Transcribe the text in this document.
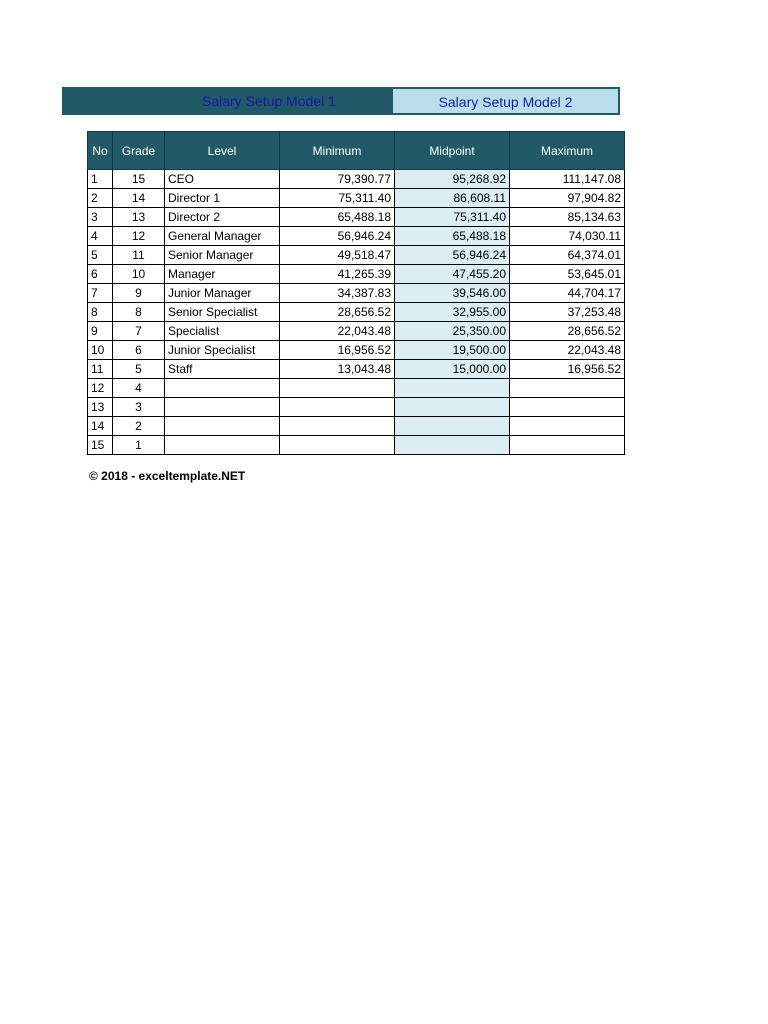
Salary Setup Model 1	Salary Setup Model 2
No	Grade	Level	Minimum	Midpoint	Maximum
1	15	CEO	79,390.77	95,268.92	111,147.08
2	14	Director 1	75,311.40	86,608.11	97,904.82
3	13	Director 2	65,488.18	75,311.40	85,134.63
4	12	General Manager	56,946.24	65,488.18	74,030.11
5	11	Senior Manager	49,518.47	56,946.24	64,374.01
6	10	Manager	41,265.39	47,455.20	53,645.01
7	9	Junior Manager	34,387.83	39,546.00	44,704.17
8	8	Senior Specialist	28,656.52	32,955.00	37,253.48
9	7	Specialist	22,043.48	25,350.00	28,656.52
10	6	Junior Specialist	16,956.52	19,500.00	22,043.48
11	5	Staff	13,043.48	15,000.00	16,956.52
12	4				
13	3				
14	2				
15	1				
© 2018 - exceltemplate.NET
